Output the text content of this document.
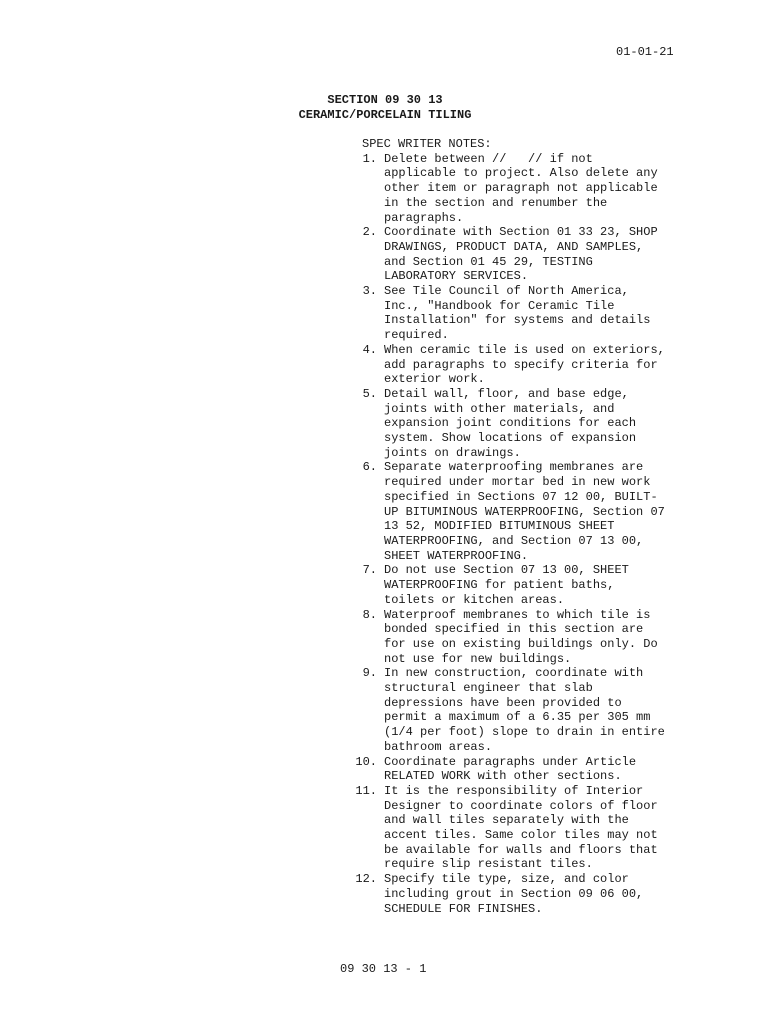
01-01-21
SECTION 09 30 13
CERAMIC/PORCELAIN TILING
SPEC WRITER NOTES:
1. Delete between //   // if not
applicable to project. Also delete any
other item or paragraph not applicable
in the section and renumber the
paragraphs.
2. Coordinate with Section 01 33 23, SHOP
DRAWINGS, PRODUCT DATA, AND SAMPLES,
and Section 01 45 29, TESTING
LABORATORY SERVICES.
3. See Tile Council of North America,
Inc., "Handbook for Ceramic Tile
Installation" for systems and details
required.
4. When ceramic tile is used on exteriors,
add paragraphs to specify criteria for
exterior work.
5. Detail wall, floor, and base edge,
joints with other materials, and
expansion joint conditions for each
system. Show locations of expansion
joints on drawings.
6. Separate waterproofing membranes are
required under mortar bed in new work
specified in Sections 07 12 00, BUILT-
UP BITUMINOUS WATERPROOFING, Section 07
13 52, MODIFIED BITUMINOUS SHEET
WATERPROOFING, and Section 07 13 00,
SHEET WATERPROOFING.
7. Do not use Section 07 13 00, SHEET
WATERPROOFING for patient baths,
toilets or kitchen areas.
8. Waterproof membranes to which tile is
bonded specified in this section are
for use on existing buildings only. Do
not use for new buildings.
9. In new construction, coordinate with
structural engineer that slab
depressions have been provided to
permit a maximum of a 6.35 per 305 mm
(1/4 per foot) slope to drain in entire
bathroom areas.
10. Coordinate paragraphs under Article
RELATED WORK with other sections.
11. It is the responsibility of Interior
Designer to coordinate colors of floor
and wall tiles separately with the
accent tiles. Same color tiles may not
be available for walls and floors that
require slip resistant tiles.
12. Specify tile type, size, and color
including grout in Section 09 06 00,
SCHEDULE FOR FINISHES.
09 30 13 - 1
